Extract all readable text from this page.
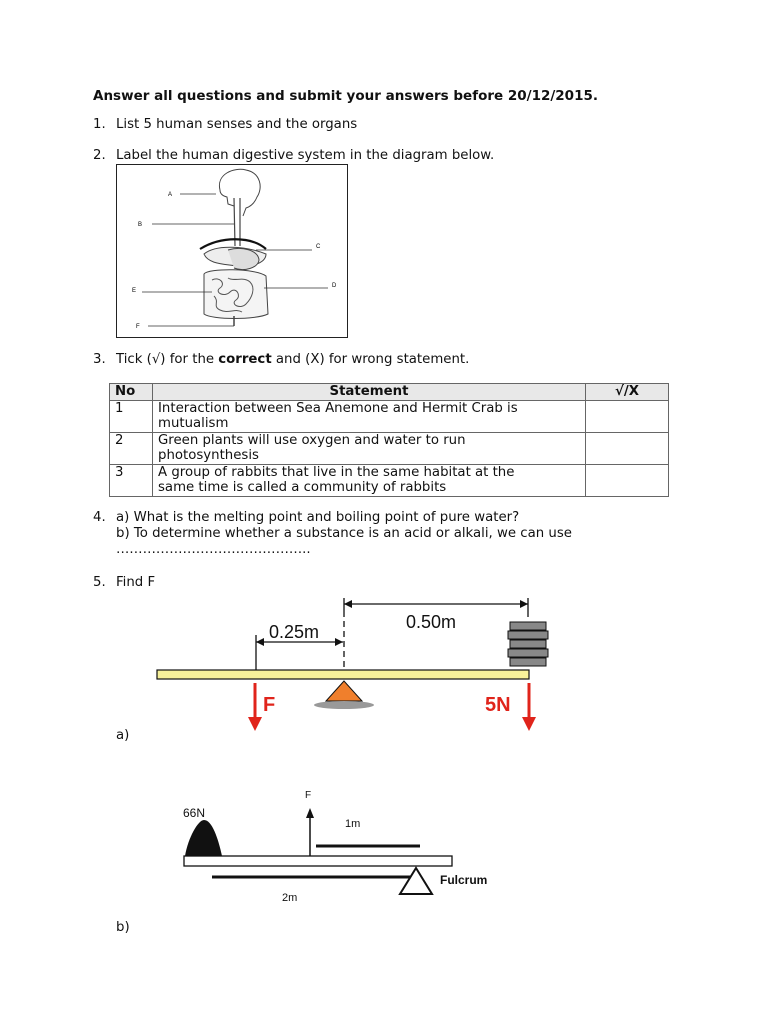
Answer all questions and submit your answers before 20/12/2015.
1. List 5 human senses and the organs
2. Label the human digestive system in the diagram below.
A
B
C
D
E
F
3. Tick (√) for the correct and (X) for wrong statement.
No	Statement	√/X
1	Interaction between Sea Anemone and Hermit Crab is
mutualism	
2	Green plants will use oxygen and water to run
photosynthesis	
3	A group of rabbits that live in the same habitat at the
same time is called a community of rabbits	
4. a) What is the melting point and boiling point of pure water?
b) To determine whether a substance is an acid or alkali, we can use
……………………………………..
5. Find F
0.50m
0.25m
F	5N
a)
66N
F
1m
2m
Fulcrum
b)
